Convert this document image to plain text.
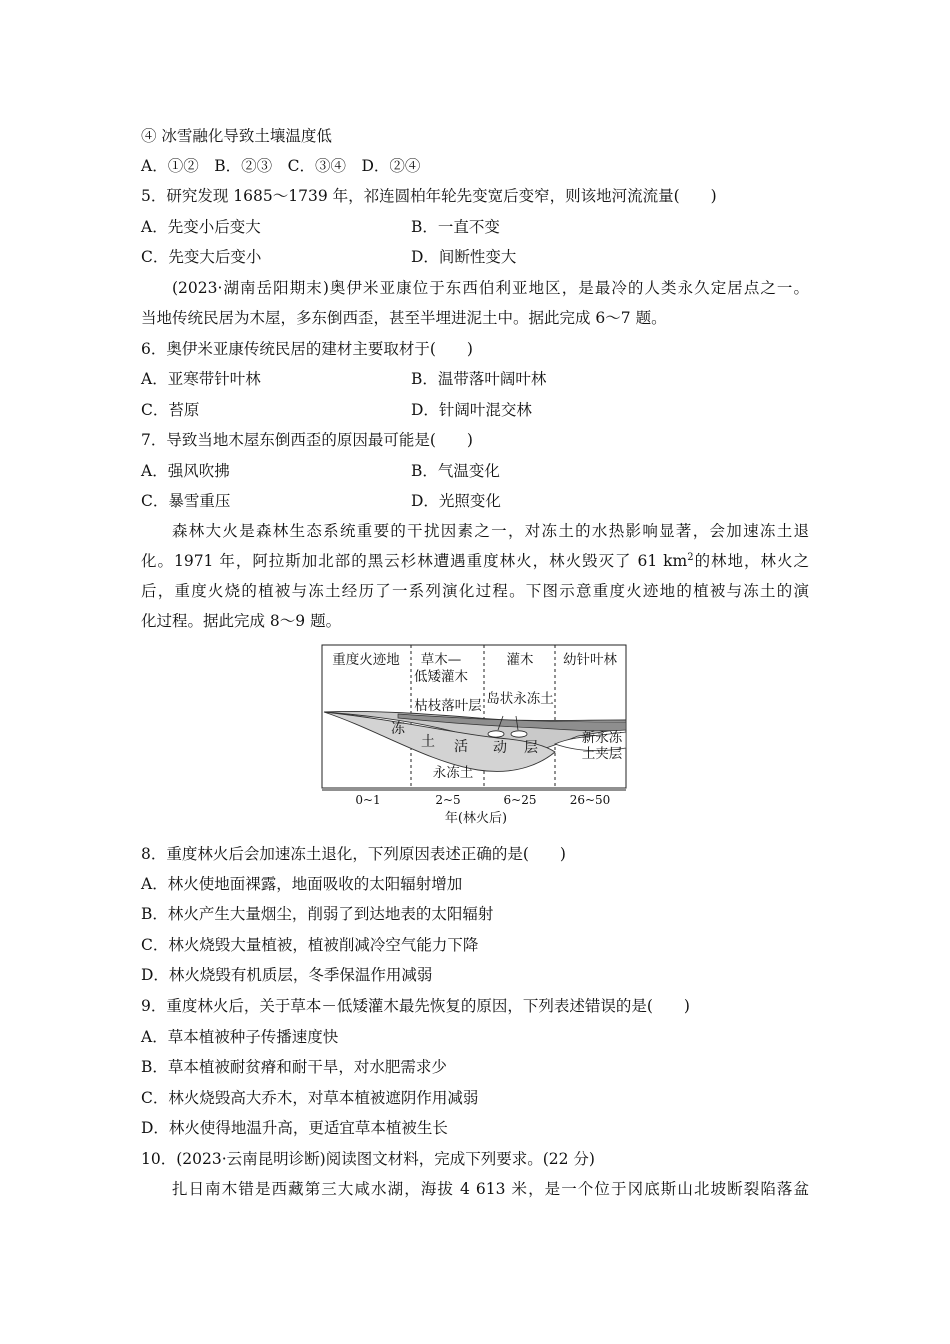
④ 冰雪融化导致土壤温度低
A．①②　B．②③　C．③④　D．②④
5．研究发现 1685～1739 年，祁连圆柏年轮先变宽后变窄，则该地河流流量(　　)
A．先变小后变大	B．一直不变
C．先变大后变小	D．间断性变大
(2023·湖南岳阳期末)奥伊米亚康位于东西伯利亚地区，是最冷的人类永久定居点之一。
当地传统民居为木屋，多东倒西歪，甚至半埋进泥土中。据此完成 6～7 题。
6．奥伊米亚康传统民居的建材主要取材于(　　)
A．亚寒带针叶林	B．温带落叶阔叶林
C．苔原	D．针阔叶混交林
7．导致当地木屋东倒西歪的原因最可能是(　　)
A．强风吹拂	B．气温变化
C．暴雪重压	D．光照变化
森林大火是森林生态系统重要的干扰因素之一，对冻土的水热影响显著，会加速冻土退
化。1971 年，阿拉斯加北部的黑云杉林遭遇重度林火，林火毁灭了 61 $km^2$的林地，林火之
后，重度火烧的植被与冻土经历了一系列演化过程。下图示意重度火迹地的植被与冻土的演
化过程。据此完成 8～9 题。
重度火迹地 草木—
低矮灌木
灌木 幼针叶林
枯枝落叶层 岛状永冻土
冻
土 活 动 层
永冻土
新永冻
土夹层
0~1	2~5	6~25	26~50
年(林火后)
8．重度林火后会加速冻土退化，下列原因表述正确的是(　　)
A．林火使地面裸露，地面吸收的太阳辐射增加
B．林火产生大量烟尘，削弱了到达地表的太阳辐射
C．林火烧毁大量植被，植被削减冷空气能力下降
D．林火烧毁有机质层，冬季保温作用减弱
9．重度林火后，关于草本－低矮灌木最先恢复的原因，下列表述错误的是(　　)
A．草本植被种子传播速度快
B．草本植被耐贫瘠和耐干旱，对水肥需求少
C．林火烧毁高大乔木，对草本植被遮阴作用减弱
D．林火使得地温升高，更适宜草本植被生长
10．(2023·云南昆明诊断)阅读图文材料，完成下列要求。(22 分)
扎日南木错是西藏第三大咸水湖，海拔 4 613 米，是一个位于冈底斯山北坡断裂陷落盆
